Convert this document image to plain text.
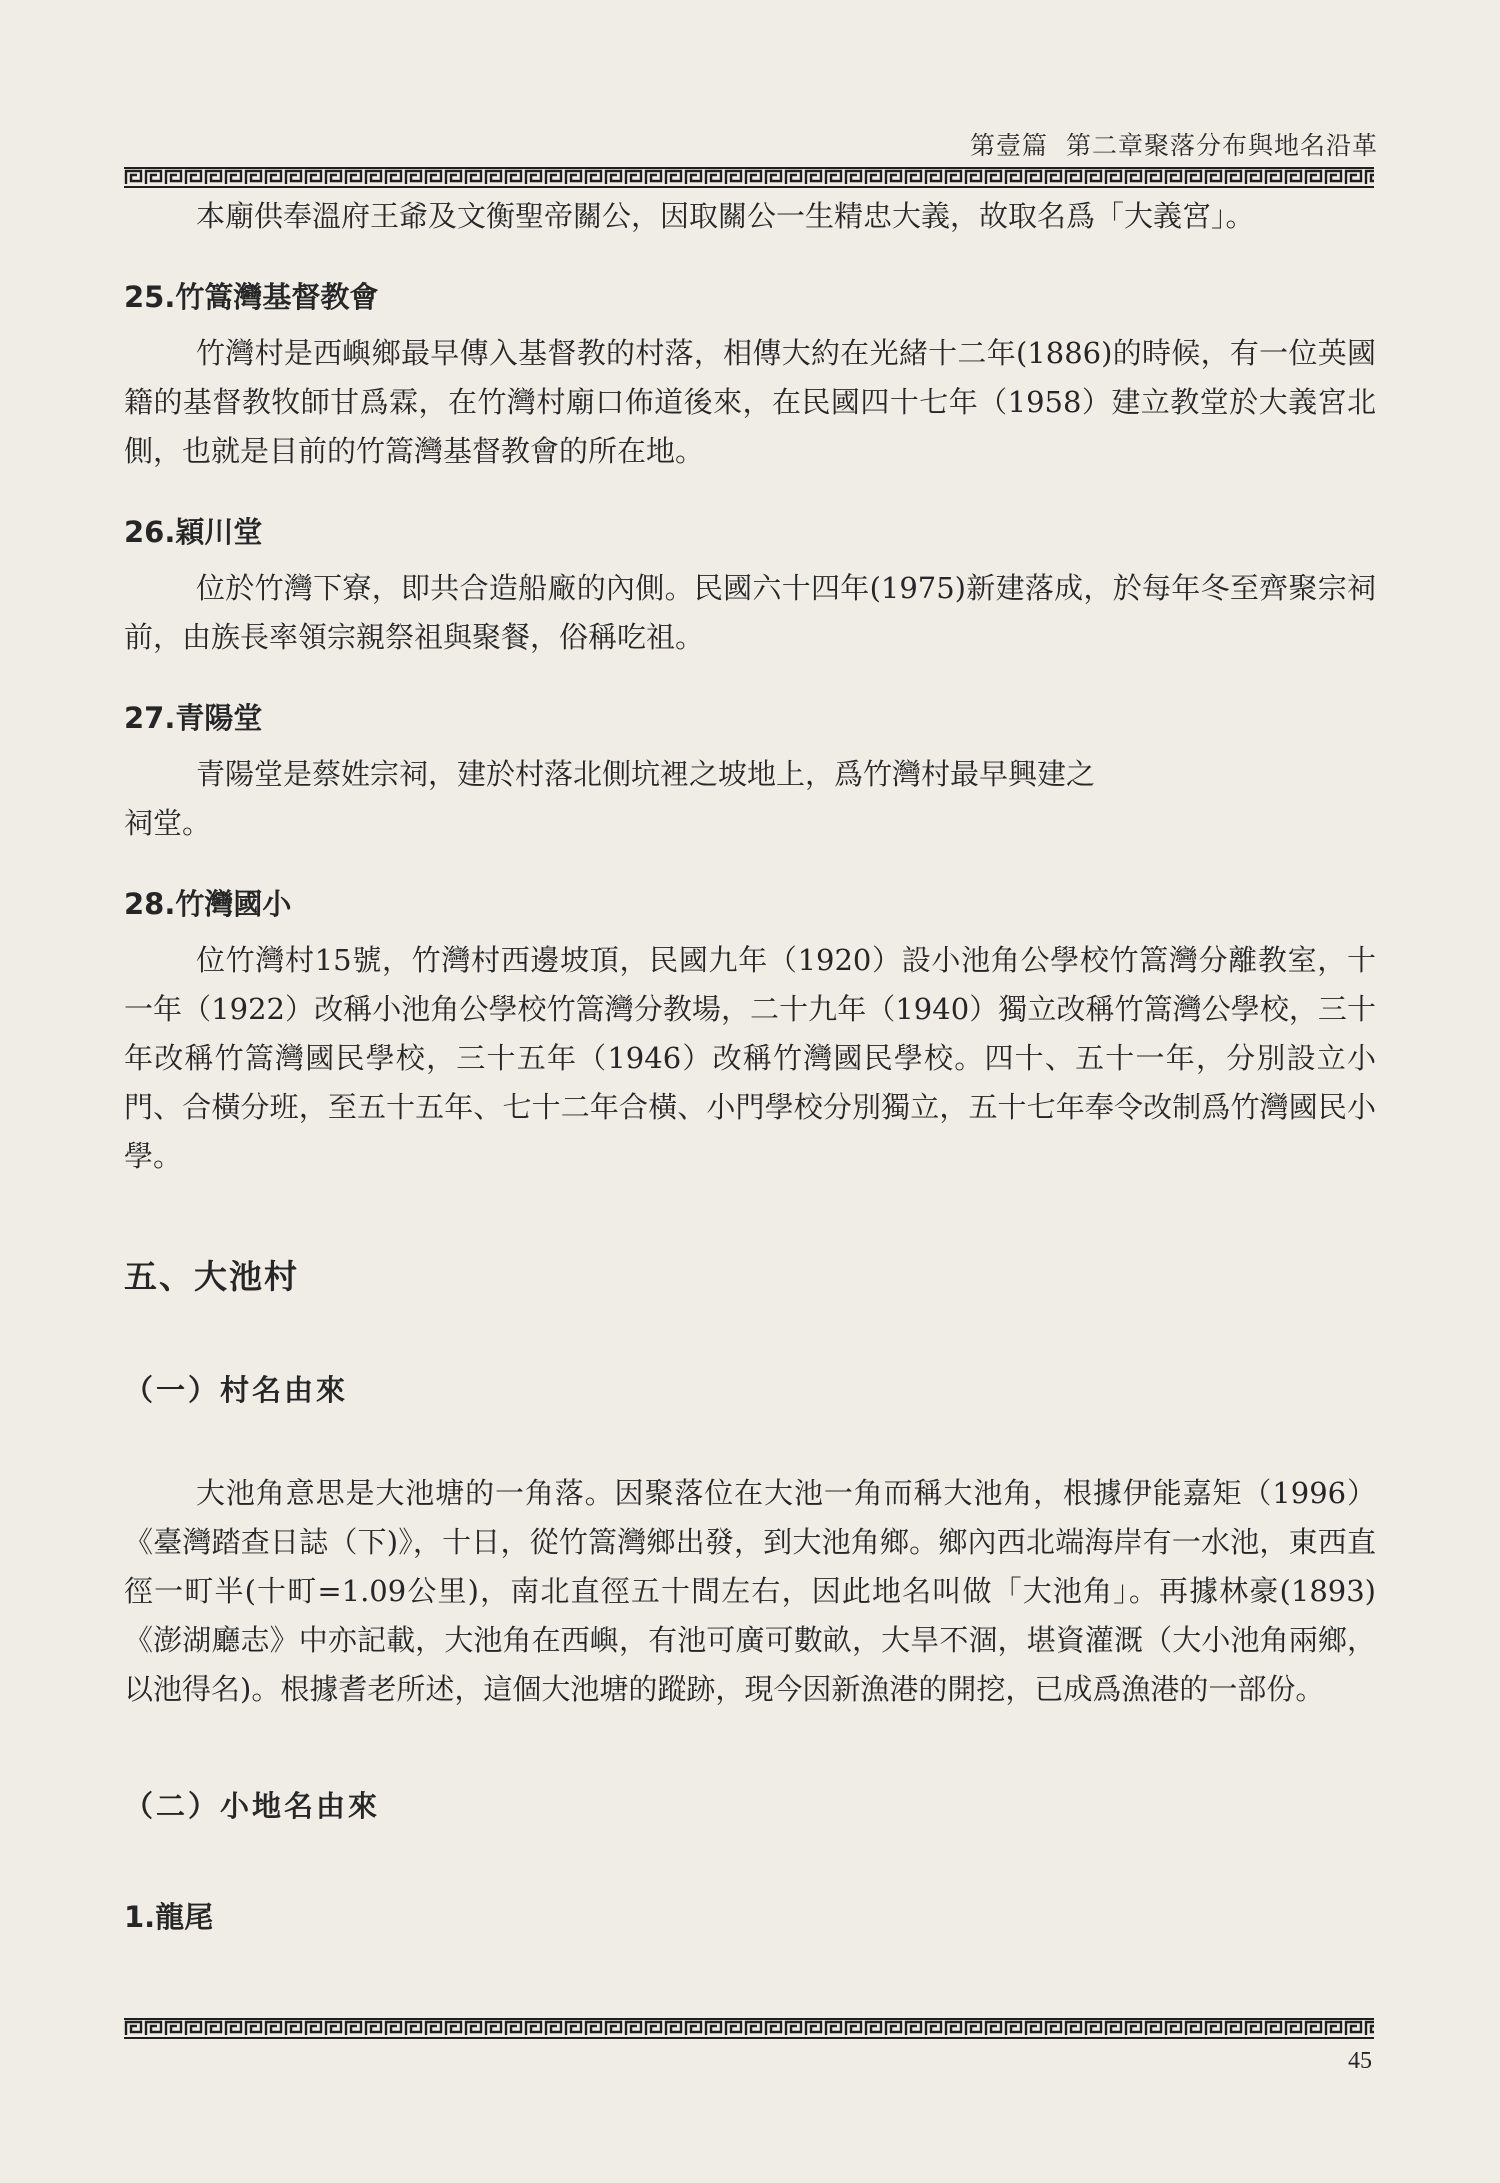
第壹篇 第二章聚落分布與地名沿革

本廟供奉溫府王爺及文衡聖帝關公，因取關公一生精忠大義，故取名爲「大義宮」。

25.竹篙灣基督教會

竹灣村是西嶼鄉最早傳入基督教的村落，相傳大約在光緒十二年(1886)的時候，有一位英國籍的基督教牧師甘爲霖，在竹灣村廟口佈道後來，在民國四十七年（1958）建立教堂於大義宮北側，也就是目前的竹篙灣基督教會的所在地。

26.穎川堂

位於竹灣下寮，即共合造船廠的內側。民國六十四年(1975)新建落成，於每年冬至齊聚宗祠前，由族長率領宗親祭祖與聚餐，俗稱吃祖。

27.青陽堂

青陽堂是蔡姓宗祠，建於村落北側坑裡之坡地上，爲竹灣村最早興建之

祠堂。

28.竹灣國小

位竹灣村15號，竹灣村西邊坡頂，民國九年（1920）設小池角公學校竹篙灣分離教室，十一年（1922）改稱小池角公學校竹篙灣分教場，二十九年（1940）獨立改稱竹篙灣公學校，三十年改稱竹篙灣國民學校，三十五年（1946）改稱竹灣國民學校。四十、五十一年，分別設立小門、合橫分班，至五十五年、七十二年合橫、小門學校分別獨立，五十七年奉令改制爲竹灣國民小學。

五、大池村

（一）村名由來

大池角意思是大池塘的一角落。因聚落位在大池一角而稱大池角，根據伊能嘉矩（1996）《臺灣踏查日誌（下)》，十日，從竹篙灣鄉出發，到大池角鄉。鄉內西北端海岸有一水池，東西直徑一町半(十町=1.09公里)，南北直徑五十間左右，因此地名叫做「大池角」。再據林豪(1893)《澎湖廳志》中亦記載，大池角在西嶼，有池可廣可數畝，大旱不涸，堪資灌溉（大小池角兩鄉，以池得名)。根據耆老所述，這個大池塘的蹤跡，現今因新漁港的開挖，已成爲漁港的一部份。

（二）小地名由來

1.龍尾

45
